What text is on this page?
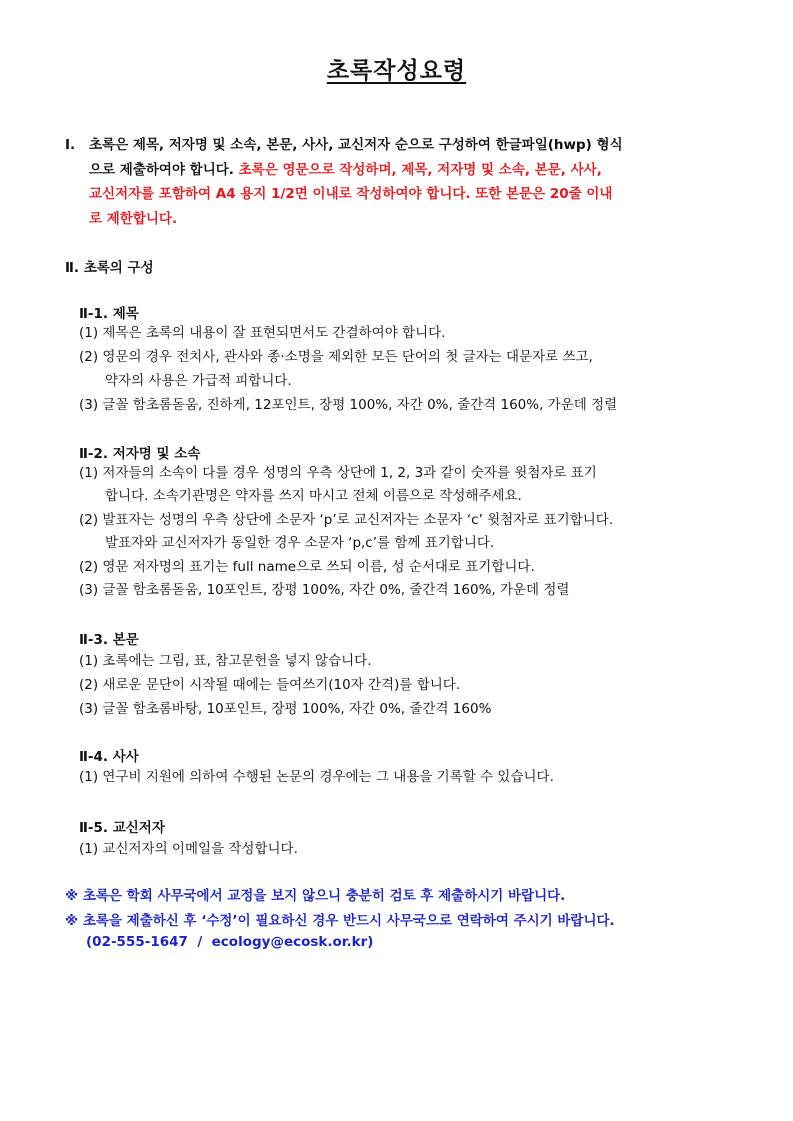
초록작성요령
Ⅰ. 초록은 제목, 저자명 및 소속, 본문, 사사, 교신저자 순으로 구성하여 한글파일(hwp) 형식
으로 제출하여야 합니다. 초록은 영문으로 작성하며, 제목, 저자명 및 소속, 본문, 사사,
교신저자를 포함하여 A4 용지 1/2면 이내로 작성하여야 합니다. 또한 본문은 20줄 이내
로 제한합니다.
Ⅱ. 초록의 구성
Ⅱ-1. 제목
(1) 제목은 초록의 내용이 잘 표현되면서도 간결하여야 합니다.
(2) 영문의 경우 전치사, 관사와 종·소명을 제외한 모든 단어의 첫 글자는 대문자로 쓰고,
약자의 사용은 가급적 피합니다.
(3) 글꼴 함초롬돋움, 진하게, 12포인트, 장평 100%, 자간 0%, 줄간격 160%, 가운데 정렬
Ⅱ-2. 저자명 및 소속
(1) 저자들의 소속이 다를 경우 성명의 우측 상단에 1, 2, 3과 같이 숫자를 윗첨자로 표기
합니다. 소속기관명은 약자를 쓰지 마시고 전체 이름으로 작성해주세요.
(2) 발표자는 성명의 우측 상단에 소문자 ‘p’로 교신저자는 소문자 ‘c’ 윗첨자로 표기합니다.
발표자와 교신저자가 동일한 경우 소문자 ‘p,c’를 함께 표기합니다.
(2) 영문 저자명의 표기는 full name으로 쓰되 이름, 성 순서대로 표기합니다.
(3) 글꼴 함초롬돋움, 10포인트, 장평 100%, 자간 0%, 줄간격 160%, 가운데 정렬
Ⅱ-3. 본문
(1) 초록에는 그림, 표, 참고문헌을 넣지 않습니다.
(2) 새로운 문단이 시작될 때에는 들여쓰기(10자 간격)를 합니다.
(3) 글꼴 함초롬바탕, 10포인트, 장평 100%, 자간 0%, 줄간격 160%
Ⅱ-4. 사사
(1) 연구비 지원에 의하여 수행된 논문의 경우에는 그 내용을 기록할 수 있습니다.
Ⅱ-5. 교신저자
(1) 교신저자의 이메일을 작성합니다.
※ 초록은 학회 사무국에서 교정을 보지 않으니 충분히 검토 후 제출하시기 바랍니다.
※ 초록을 제출하신 후 ‘수정’이 필요하신 경우 반드시 사무국으로 연락하여 주시기 바랍니다.
(02-555-1647  /  ecology@ecosk.or.kr)
